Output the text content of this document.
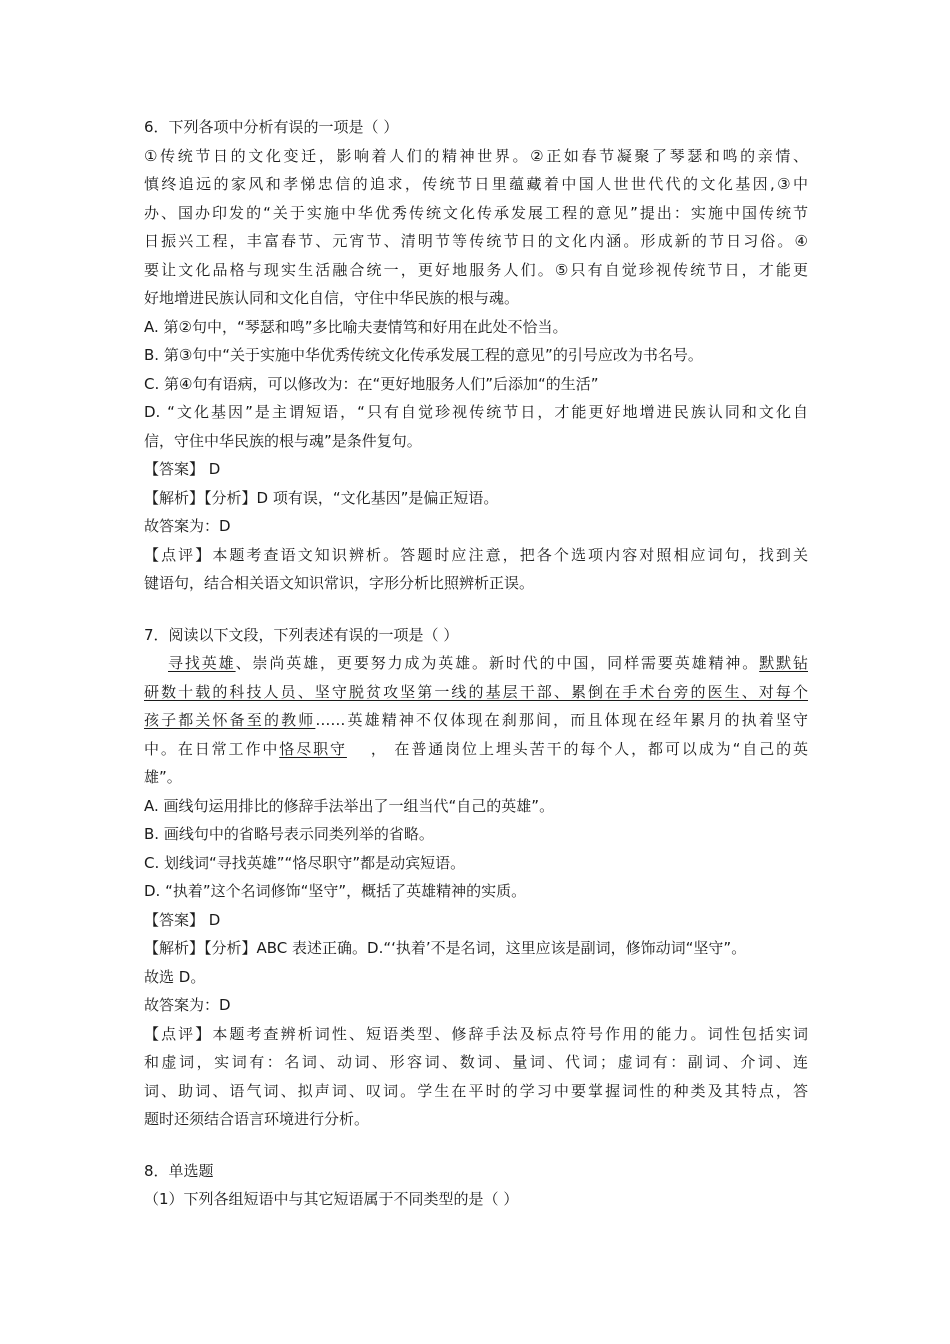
6．下列各项中分析有误的一项是（ ）
①传统节日的文化变迁，影响着人们的精神世界。②正如春节凝聚了琴瑟和鸣的亲情、
慎终追远的家风和孝悌忠信的追求，传统节日里蕴藏着中国人世世代代的文化基因,③中
办、国办印发的“关于实施中华优秀传统文化传承发展工程的意见”提出：实施中国传统节
日振兴工程，丰富春节、元宵节、清明节等传统节日的文化内涵。形成新的节日习俗。④
要让文化品格与现实生活融合统一，更好地服务人们。⑤只有自觉珍视传统节日，才能更
好地增进民族认同和文化自信，守住中华民族的根与魂。
A. 第②句中，“琴瑟和鸣”多比喻夫妻情笃和好用在此处不恰当。
B. 第③句中“关于实施中华优秀传统文化传承发展工程的意见”的引号应改为书名号。
C. 第④句有语病，可以修改为：在“更好地服务人们”后添加“的生活”
D. “文化基因”是主谓短语，“只有自觉珍视传统节日，才能更好地增进民族认同和文化自
信，守住中华民族的根与魂”是条件复句。
【答案】 D
【解析】【分析】D 项有误，“文化基因”是偏正短语。
故答案为：D
【点评】本题考查语文知识辨析。答题时应注意，把各个选项内容对照相应词句，找到关
键语句，结合相关语文知识常识，字形分析比照辨析正误。
7．阅读以下文段，下列表述有误的一项是（ ）
寻找英雄、崇尚英雄，更要努力成为英雄。新时代的中国，同样需要英雄精神。默默钻
研数十载的科技人员、坚守脱贫攻坚第一线的基层干部、累倒在手术台旁的医生、对每个
孩子都关怀备至的教师……英雄精神不仅体现在刹那间，而且体现在经年累月的执着坚守
中。在日常工作中恪尽职守 ， 在普通岗位上埋头苦干的每个人，都可以成为“自己的英
雄”。
A. 画线句运用排比的修辞手法举出了一组当代“自己的英雄”。
B. 画线句中的省略号表示同类列举的省略。
C. 划线词“寻找英雄”“恪尽职守”都是动宾短语。
D. “执着”这个名词修饰“坚守”，概括了英雄精神的实质。
【答案】 D
【解析】【分析】ABC 表述正确。D.“‘执着’不是名词，这里应该是副词，修饰动词“坚守”。
故选 D。
故答案为：D
【点评】本题考查辨析词性、短语类型、修辞手法及标点符号作用的能力。词性包括实词
和虚词，实词有：名词、动词、形容词、数词、量词、代词；虚词有：副词、介词、连
词、助词、语气词、拟声词、叹词。学生在平时的学习中要掌握词性的种类及其特点，答
题时还须结合语言环境进行分析。
8．单选题
（1）下列各组短语中与其它短语属于不同类型的是（ ）
